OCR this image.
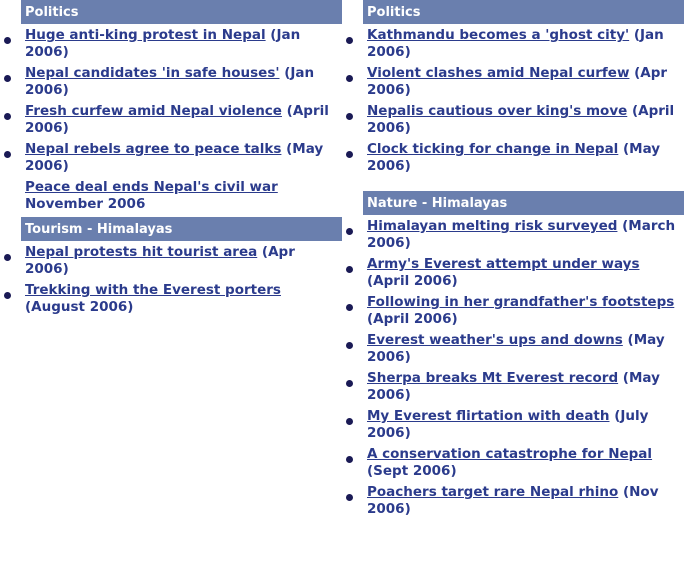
Politics
Huge anti-king protest in Nepal (Jan 2006)
Nepal candidates 'in safe houses' (Jan 2006)
Fresh curfew amid Nepal violence (April 2006)
Nepal rebels agree to peace talks (May 2006)
Peace deal ends Nepal's civil war
November 2006
Tourism - Himalayas
Nepal protests hit tourist area (Apr 2006)
Trekking with the Everest porters (August 2006)
Politics
Kathmandu becomes a 'ghost city' (Jan 2006)
Violent clashes amid Nepal curfew (Apr 2006)
Nepalis cautious over king's move (April 2006)
Clock ticking for change in Nepal (May 2006)
Nature - Himalayas
Himalayan melting risk surveyed (March 2006)
Army's Everest attempt under ways (April 2006)
Following in her grandfather's footsteps (April 2006)
Everest weather's ups and downs (May 2006)
Sherpa breaks Mt Everest record (May 2006)
My Everest flirtation with death (July 2006)
A conservation catastrophe for Nepal (Sept 2006)
Poachers target rare Nepal rhino (Nov 2006)
